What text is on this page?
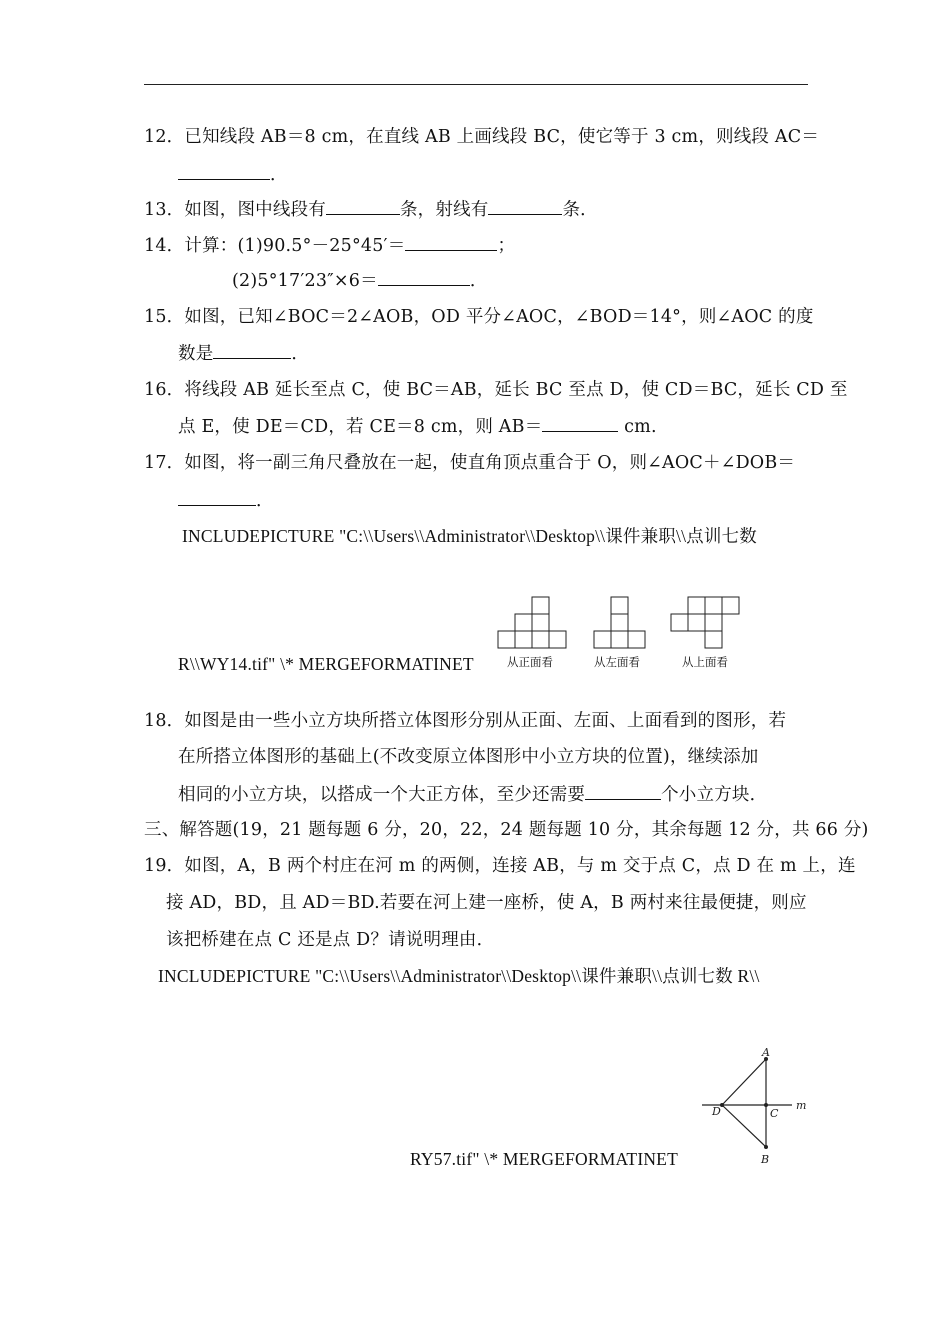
12．已知线段 AB＝8 cm，在直线 AB 上画线段 BC，使它等于 3 cm，则线段 AC＝
．
13．如图，图中线段有	条，射线有	条．
14．计算：(1)90.5°－25°45′＝	；
(2)5°17′23″×6＝	．
15．如图，已知∠BOC＝2∠AOB，OD 平分∠AOC，∠BOD＝14°，则∠AOC 的度
数是	．
16．将线段 AB 延长至点 C，使 BC＝AB，延长 BC 至点 D，使 CD＝BC，延长 CD 至
点 E，使 DE＝CD，若 CE＝8 cm，则 AB＝	cm.
17．如图，将一副三角尺叠放在一起，使直角顶点重合于 O，则∠AOC＋∠DOB＝
．
INCLUDEPICTURE "C:\\Users\\Administrator\\Desktop\\课件兼职\\点训七数
R\\WY14.tif" \* MERGEFORMATINET	从正面看	从左面看	从上面看
18．如图是由一些小立方块所搭立体图形分别从正面、左面、上面看到的图形，若
在所搭立体图形的基础上(不改变原立体图形中小立方块的位置)，继续添加
相同的小立方块，以搭成一个大正方体，至少还需要	个小立方块．
三、解答题(19，21 题每题 6 分，20，22，24 题每题 10 分，其余每题 12 分，共 66 分)
19．如图，A，B 两个村庄在河 m 的两侧，连接 AB，与 m 交于点 C，点 D 在 m 上，连
接 AD，BD，且 AD＝BD.若要在河上建一座桥，使 A，B 两村来往最便捷，则应
该把桥建在点 C 还是点 D？请说明理由．
INCLUDEPICTURE "C:\\Users\\Administrator\\Desktop\\课件兼职\\点训七数 R\\
RY57.tif" \* MERGEFORMATINET
A
B
C
D	m
